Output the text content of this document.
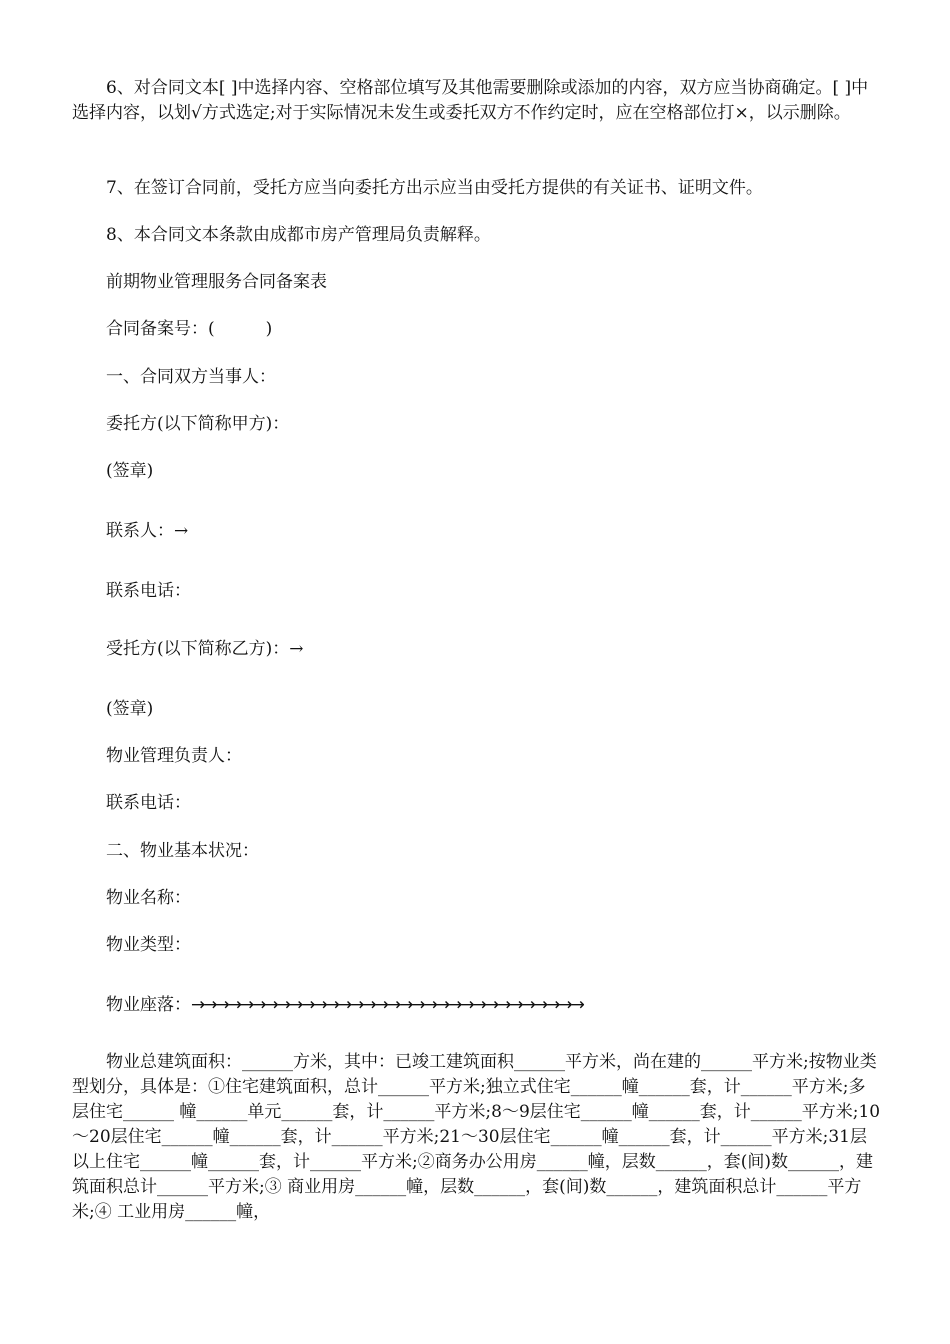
6、对合同文本[ ]中选择内容、空格部位填写及其他需要删除或添加的内容，双方应当协商确定。[ ]中选择内容，以划√方式选定;对于实际情况未发生或委托双方不作约定时，应在空格部位打×，以示删除。

7、在签订合同前，受托方应当向委托方出示应当由受托方提供的有关证书、证明文件。

8、本合同文本条款由成都市房产管理局负责解释。

前期物业管理服务合同备案表

合同备案号：(　　　)

一、合同双方当事人：

委托方(以下简称甲方)：

(签章)

联系人：→

联系电话：

受托方(以下简称乙方)：→

(签章)

物业管理负责人：

联系电话：

二、物业基本状况：

物业名称：

物业类型：

物业座落：→→→→→→→→→→→→→→→→→→→→→→→→→→→→→→→→

物业总建筑面积：______方米，其中：已竣工建筑面积______平方米，尚在建的______平方米;按物业类型划分，具体是：①住宅建筑面积，总计______平方米;独立式住宅______幢______套，计______平方米;多层住宅______ 幢______单元______套，计______平方米;8～9层住宅______幢______套，计______平方米;10～20层住宅______幢______套，计______平方米;21～30层住宅______幢______套，计______平方米;31层以上住宅______幢______套，计______平方米;②商务办公用房______幢，层数______，套(间)数______，建筑面积总计______平方米;③ 商业用房______幢，层数______，套(间)数______，建筑面积总计______平方米;④ 工业用房______幢，
